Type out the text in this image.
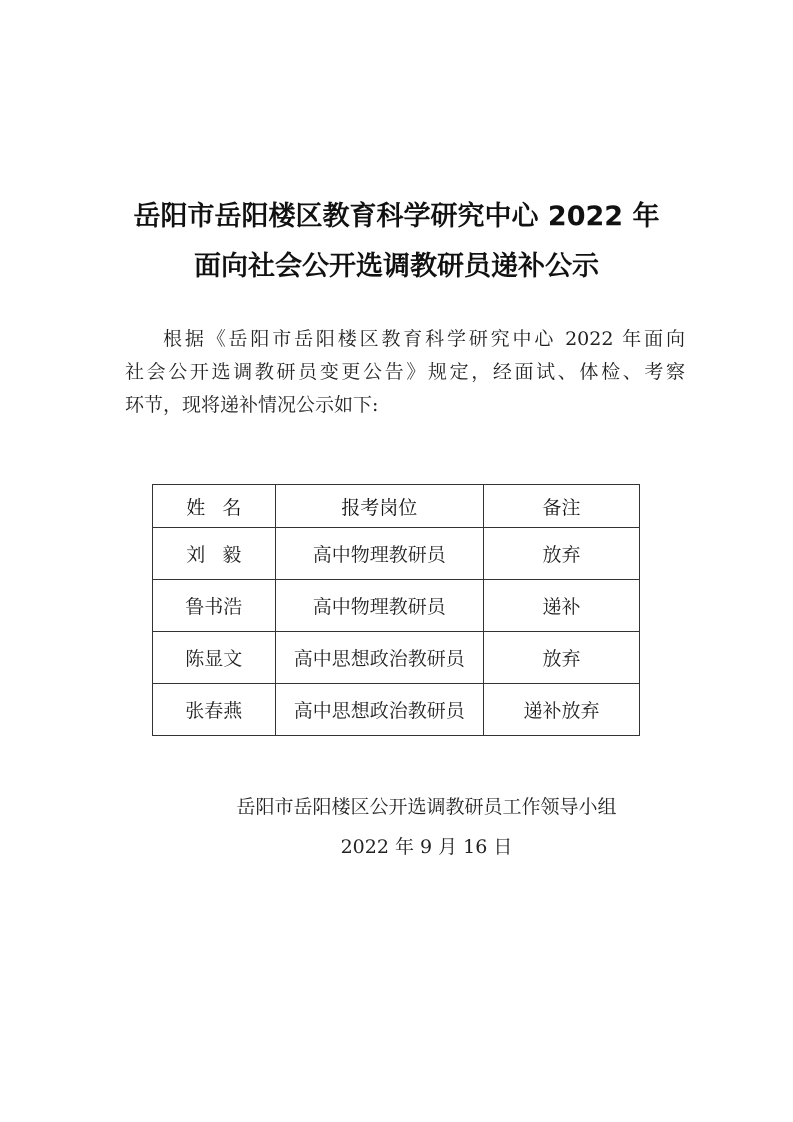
岳阳市岳阳楼区教育科学研究中心 2022 年
面向社会公开选调教研员递补公示
根据《岳阳市岳阳楼区教育科学研究中心 2022 年面向
社会公开选调教研员变更公告》规定，经面试、体检、考察
环节，现将递补情况公示如下:
姓名	报考岗位	备注
刘毅	高中物理教研员	放弃
鲁书浩	高中物理教研员	递补
陈显文	高中思想政治教研员	放弃
张春燕	高中思想政治教研员	递补放弃
岳阳市岳阳楼区公开选调教研员工作领导小组
2022 年 9 月 16 日
